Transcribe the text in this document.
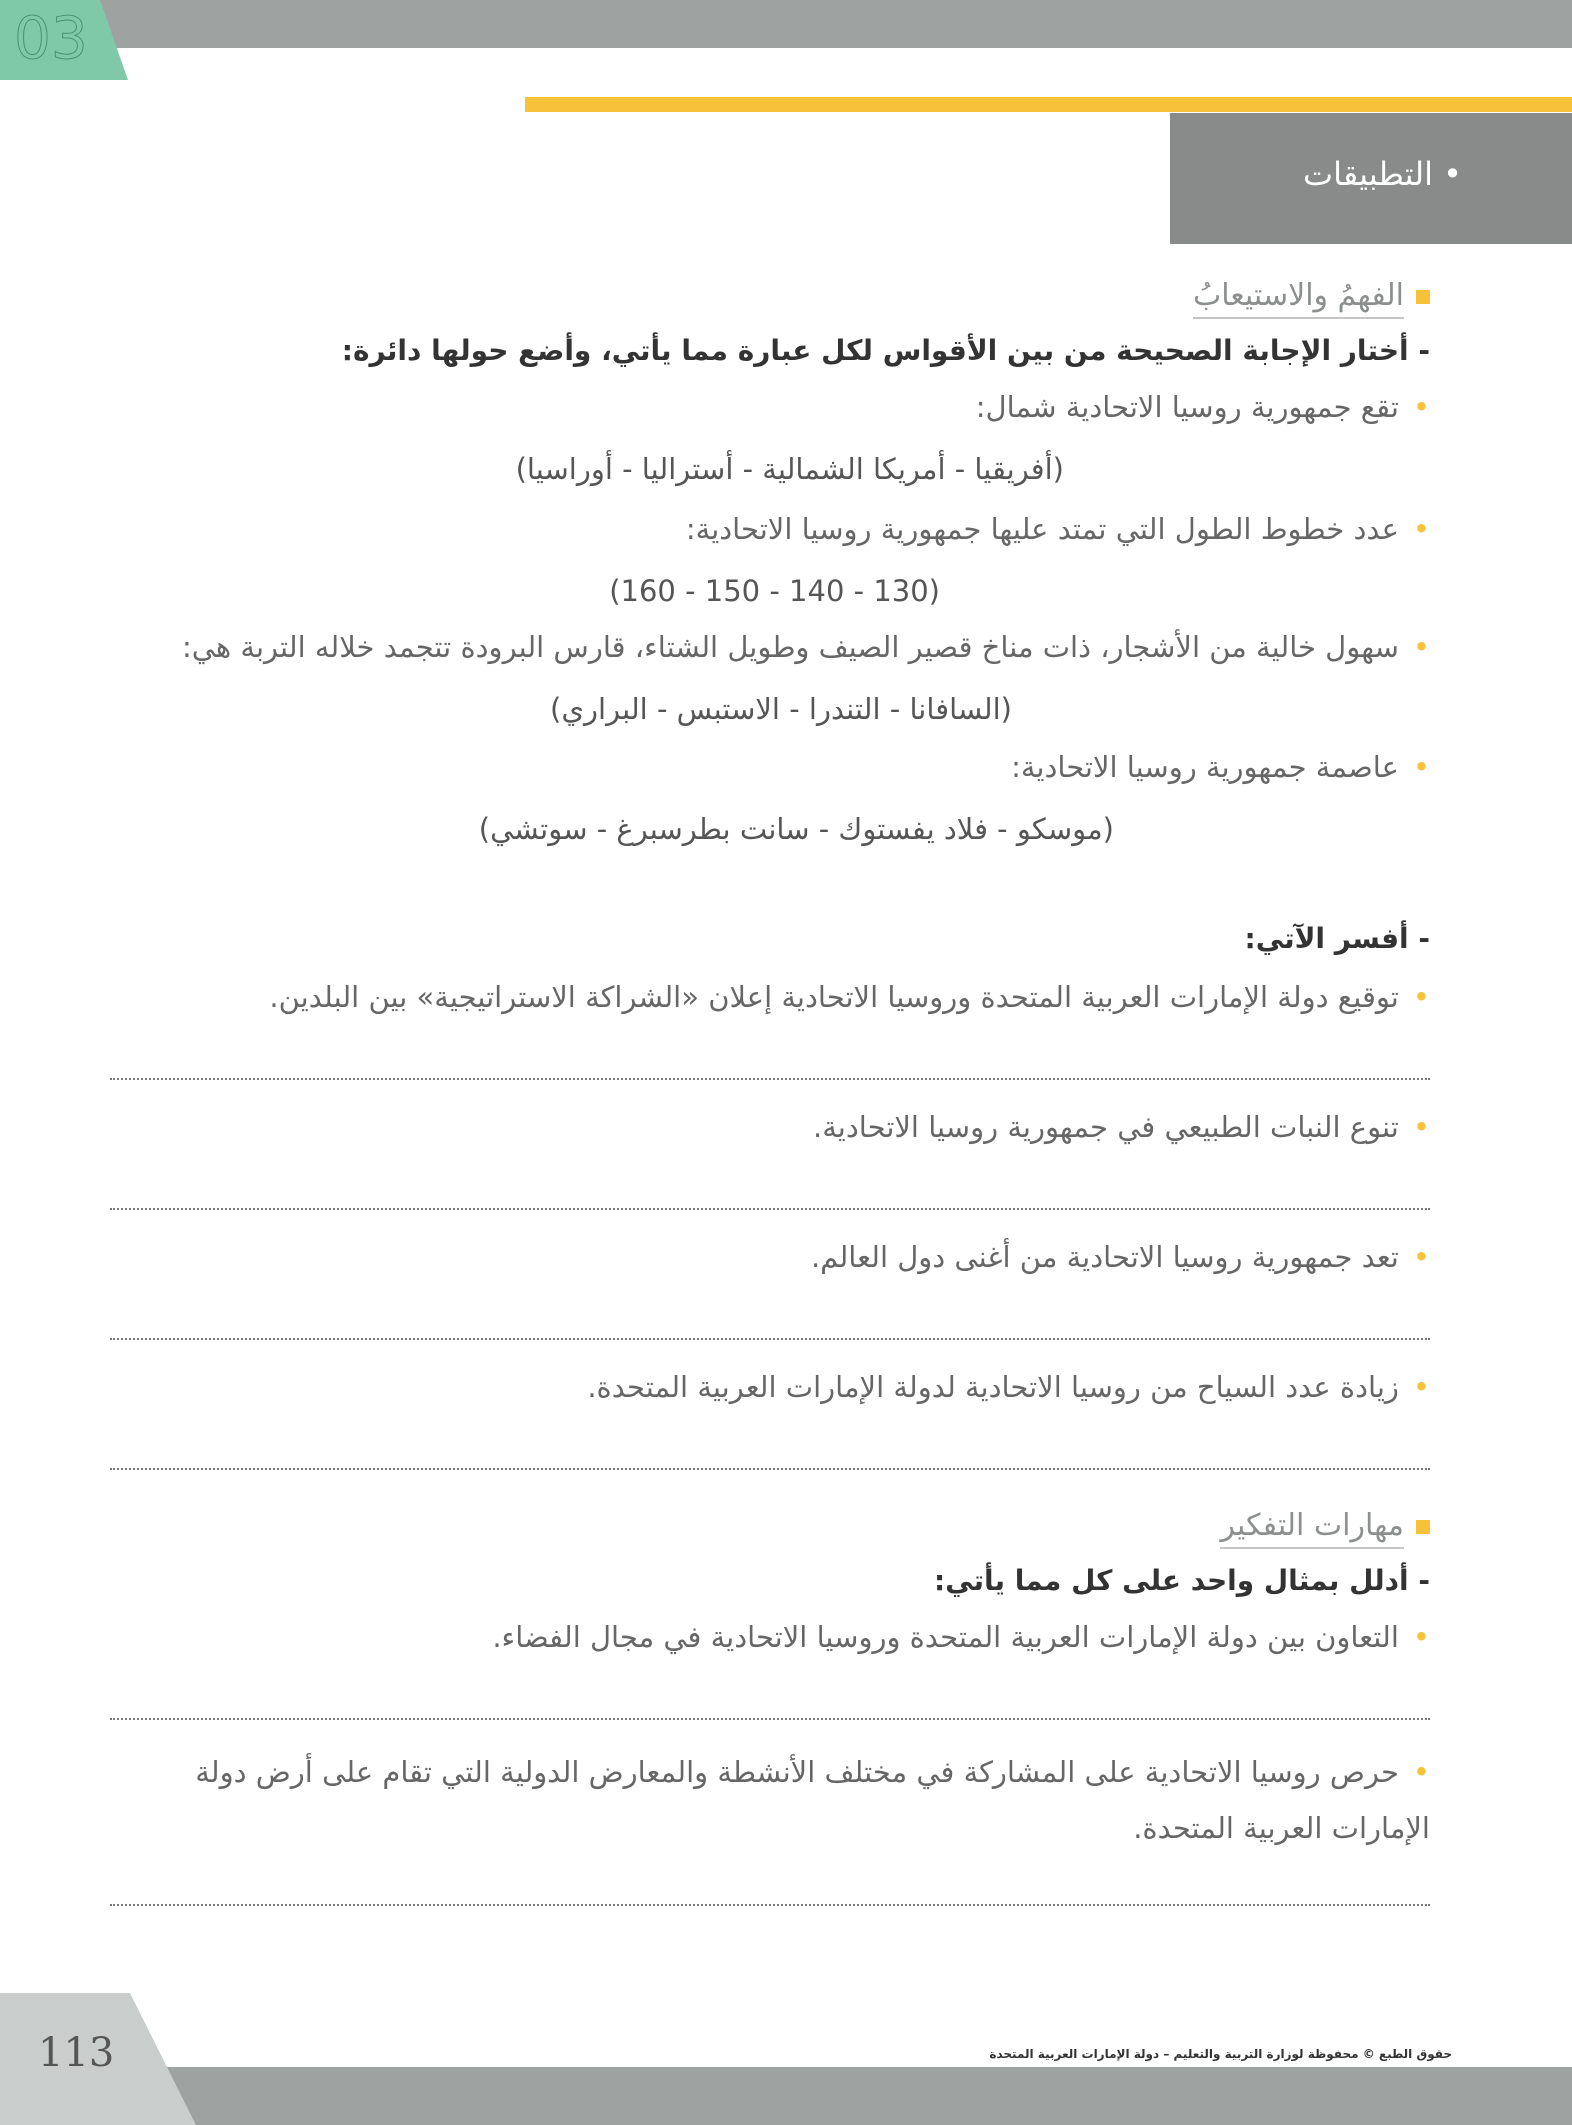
03
• التطبيقات
الفهمُ والاستيعابُ
- أختار الإجابة الصحيحة من بين الأقواس لكل عبارة مما يأتي، وأضع حولها دائرة:
•تقع جمهورية روسيا الاتحادية شمال:
(أفريقيا - أمريكا الشمالية - أستراليا - أوراسيا)
•عدد خطوط الطول التي تمتد عليها جمهورية روسيا الاتحادية:
(130 - 140 - 150 - 160)
•سهول خالية من الأشجار، ذات مناخ قصير الصيف وطويل الشتاء، قارس البرودة تتجمد خلاله التربة هي:
(السافانا - التندرا - الاستبس - البراري)
•عاصمة جمهورية روسيا الاتحادية:
(موسكو - فلاد يفستوك - سانت بطرسبرغ - سوتشي)
- أفسر الآتي:
•توقيع دولة الإمارات العربية المتحدة وروسيا الاتحادية إعلان «الشراكة الاستراتيجية» بين البلدين.
•تنوع النبات الطبيعي في جمهورية روسيا الاتحادية.
•تعد جمهورية روسيا الاتحادية من أغنى دول العالم.
•زيادة عدد السياح من روسيا الاتحادية لدولة الإمارات العربية المتحدة.
مهارات التفكير
- أدلل بمثال واحد على كل مما يأتي:
•التعاون بين دولة الإمارات العربية المتحدة وروسيا الاتحادية في مجال الفضاء.
•حرص روسيا الاتحادية على المشاركة في مختلف الأنشطة والمعارض الدولية التي تقام على أرض دولة الإمارات العربية المتحدة.
113	حقوق الطبع © محفوظة لوزارة التربية والتعليم – دولة الإمارات العربية المتحدة
